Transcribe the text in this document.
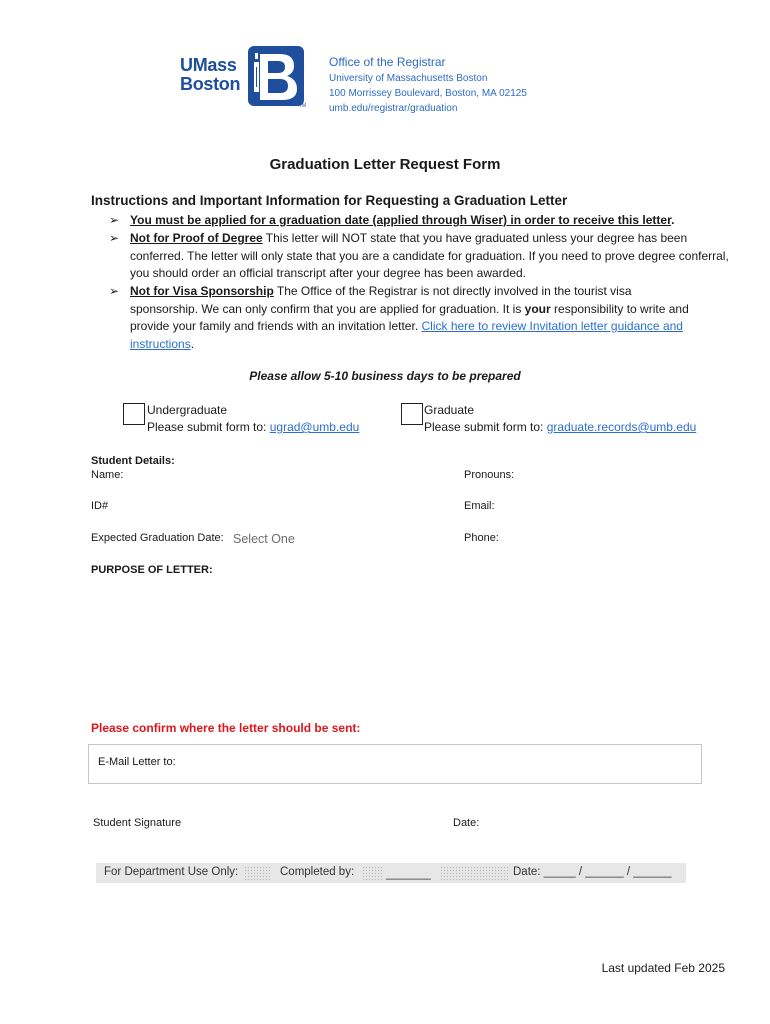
UMass
Boston
TM
Office of the Registrar
University of Massachusetts Boston
100 Morrissey Boulevard, Boston, MA 02125
umb.edu/registrar/graduation
Graduation Letter Request Form
Instructions and Important Information for Requesting a Graduation Letter
➢ You must be applied for a graduation date (applied through Wiser) in order to receive this letter.
➢ Not for Proof of Degree This letter will NOT state that you have graduated unless your degree has been conferred. The letter will only state that you are a candidate for graduation. If you need to prove degree conferral, you should order an official transcript after your degree has been awarded.
➢ Not for Visa Sponsorship The Office of the Registrar is not directly involved in the tourist visa sponsorship. We can only confirm that you are applied for graduation. It is your responsibility to write and provide your family and friends with an invitation letter. Click here to review Invitation letter guidance and instructions.
Please allow 5-10 business days to be prepared
Undergraduate
Please submit form to: ugrad@umb.edu
Graduate
Please submit form to: graduate.records@umb.edu
Student Details:
Name:	Pronouns:
ID#	Email:
Expected Graduation Date: Select One	Phone:
PURPOSE OF LETTER:
Please confirm where the letter should be sent:
E-Mail Letter to:
Student Signature	Date:
For Department Use Only:	Completed by:	_______	Date: _____ / ______ / ______
Last updated Feb 2025
